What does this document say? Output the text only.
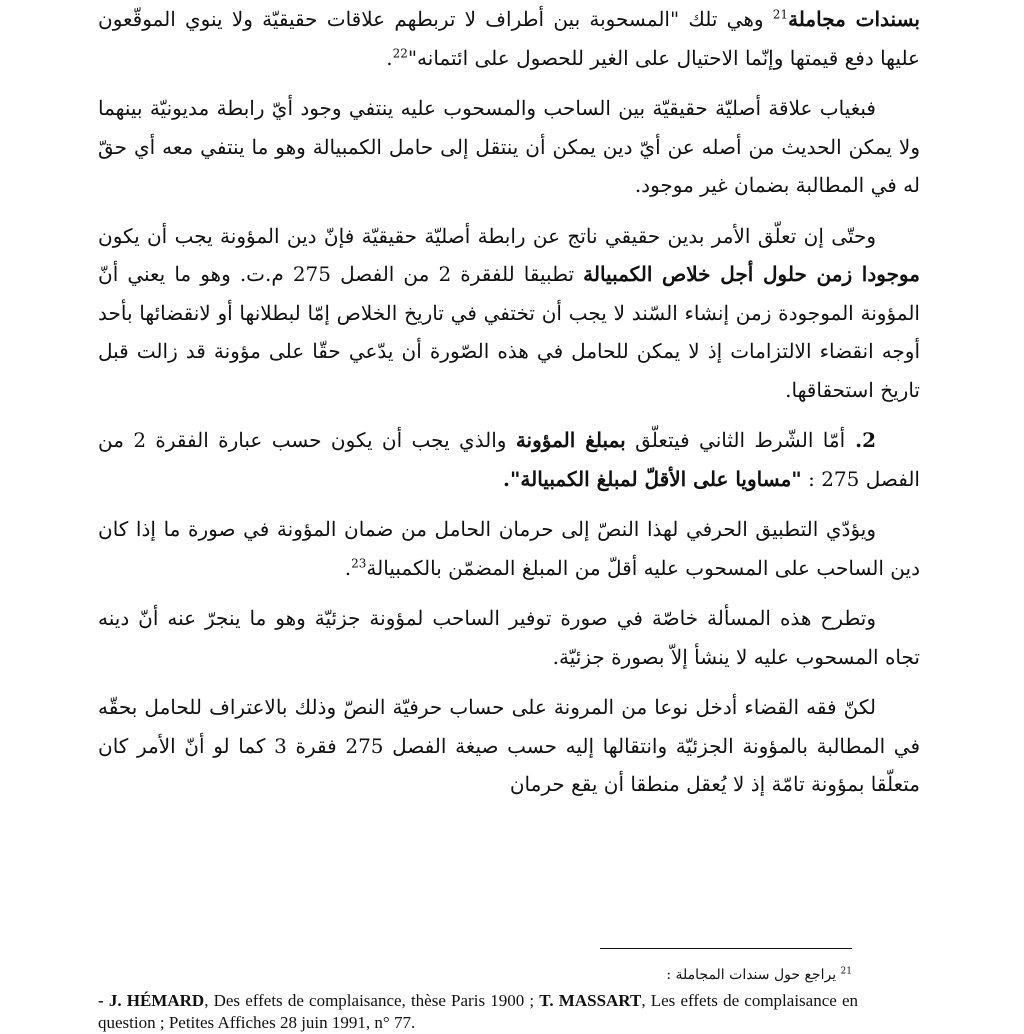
بسندات مجاملة$^{21}$ وهي تلك "المسحوبة بين أطراف لا تربطهم علاقات حقيقيّة ولا ينوي الموقّعون عليها دفع قيمتها وإنّما الاحتيال على الغير للحصول على ائتمانه"$^{22}$.

فبغياب علاقة أصليّة حقيقيّة بين الساحب والمسحوب عليه ينتفي وجود أيّ رابطة مديونيّة بينهما ولا يمكن الحديث من أصله عن أيّ دين يمكن أن ينتقل إلى حامل الكمبيالة وهو ما ينتفي معه أي حقّ له في المطالبة بضمان غير موجود.

وحتّى إن تعلّق الأمر بدين حقيقي ناتج عن رابطة أصليّة حقيقيّة فإنّ دين المؤونة يجب أن يكون موجودا زمن حلول أجل خلاص الكمبيالة تطبيقا للفقرة 2 من الفصل 275 م.ت. وهو ما يعني أنّ المؤونة الموجودة زمن إنشاء السّند لا يجب أن تختفي في تاريخ الخلاص إمّا لبطلانها أو لانقضائها بأحد أوجه انقضاء الالتزامات إذ لا يمكن للحامل في هذه الصّورة أن يدّعي حقّا على مؤونة قد زالت قبل تاريخ استحقاقها.

2. أمّا الشّرط الثاني فيتعلّق بمبلغ المؤونة والذي يجب أن يكون حسب عبارة الفقرة 2 من الفصل 275 : "مساويا على الأقلّ لمبلغ الكمبيالة".

ويؤدّي التطبيق الحرفي لهذا النصّ إلى حرمان الحامل من ضمان المؤونة في صورة ما إذا كان دين الساحب على المسحوب عليه أقلّ من المبلغ المضمّن بالكمبيالة$^{23}$.

وتطرح هذه المسألة خاصّة في صورة توفير الساحب لمؤونة جزئيّة وهو ما ينجرّ عنه أنّ دينه تجاه المسحوب عليه لا ينشأ إلاّ بصورة جزئيّة.

لكنّ فقه القضاء أدخل نوعا من المرونة على حساب حرفيّة النصّ وذلك بالاعتراف للحامل بحقّه في المطالبة بالمؤونة الجزئيّة وانتقالها إليه حسب صيغة الفصل 275 فقرة 3 كما لو أنّ الأمر كان متعلّقا بمؤونة تامّة إذ لا يُعقل منطقا أن يقع حرمان

$^{21}$ يراجع حول سندات المجاملة :
- J. HÉMARD, Des effets de complaisance, thèse Paris 1900 ; T. MASSART, Les effets de complaisance en question ; Petites Affiches 28 juin 1991, n° 77.
